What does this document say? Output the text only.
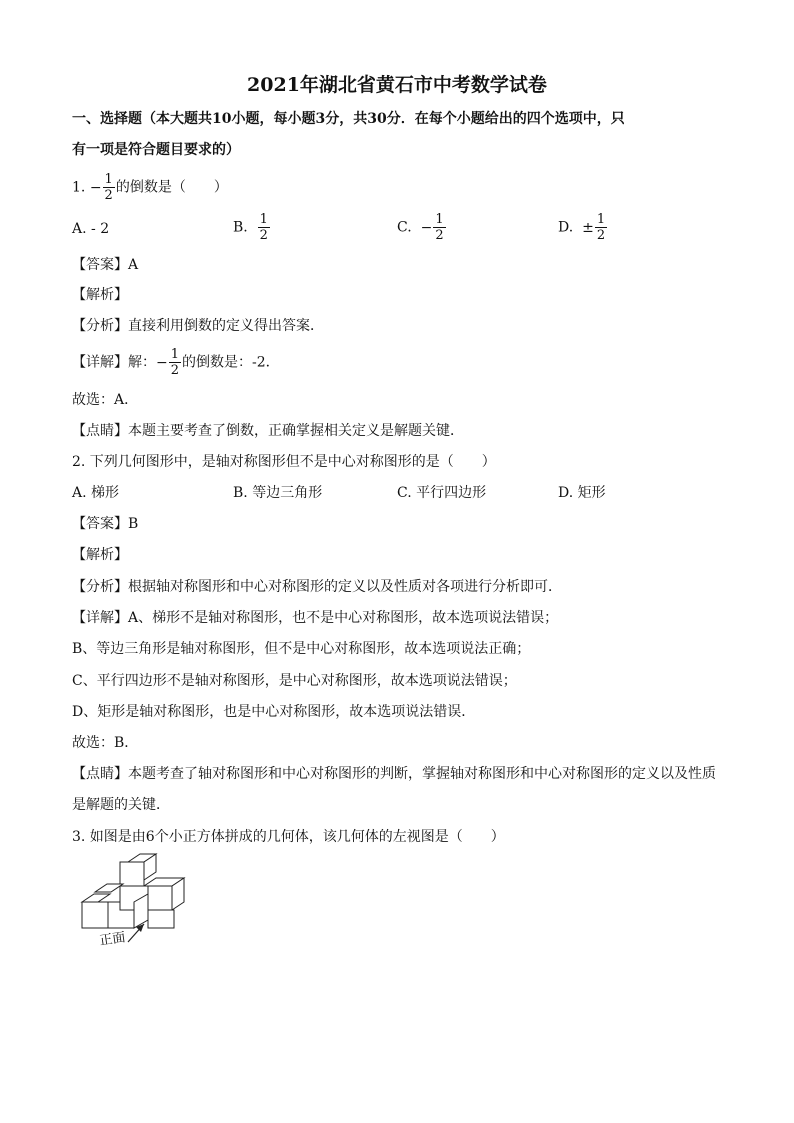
2021年湖北省黄石市中考数学试卷
一、选择题（本大题共10小题，每小题3分，共30分．在每个小题给出的四个选项中，只
有一项是符合题目要求的）
1. − $\frac{1}{2}$ 的倒数是（　　）
A. - 2	B. $\frac{1}{2}$	C. − $\frac{1}{2}$	D. ± $\frac{1}{2}$
【答案】A
【解析】
【分析】直接利用倒数的定义得出答案．
【详解】解：− $\frac{1}{2}$ 的倒数是：-2．
故选：A．
【点睛】本题主要考查了倒数，正确掌握相关定义是解题关键．
2. 下列几何图形中，是轴对称图形但不是中心对称图形的是（　　）
A. 梯形	B. 等边三角形	C. 平行四边形	D. 矩形
【答案】B
【解析】
【分析】根据轴对称图形和中心对称图形的定义以及性质对各项进行分析即可．
【详解】A、梯形不是轴对称图形，也不是中心对称图形，故本选项说法错误；
B、等边三角形是轴对称图形，但不是中心对称图形，故本选项说法正确；
C、平行四边形不是轴对称图形，是中心对称图形，故本选项说法错误；
D、矩形是轴对称图形，也是中心对称图形，故本选项说法错误．
故选：B．
【点睛】本题考查了轴对称图形和中心对称图形的判断，掌握轴对称图形和中心对称图形的定义以及性质
是解题的关键．
3. 如图是由6个小正方体拼成的几何体，该几何体的左视图是（　　）
正面
